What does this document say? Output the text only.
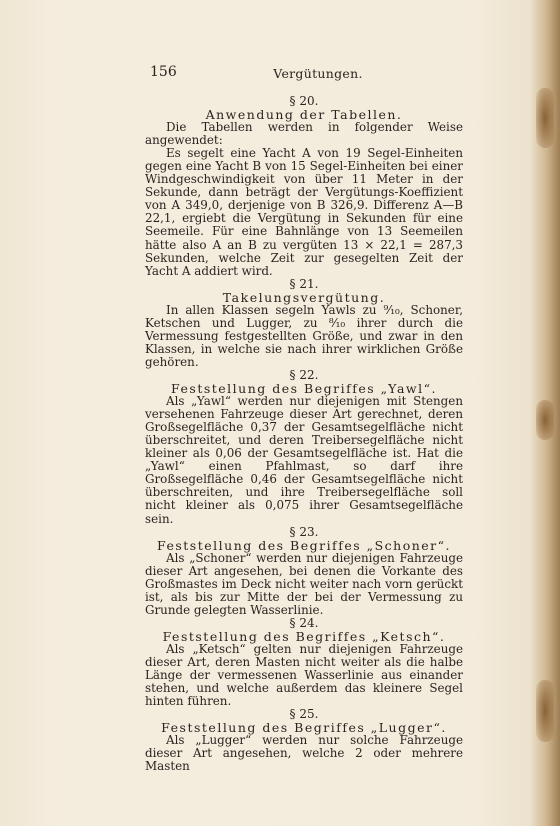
156	Vergütungen.

§ 20.

Anwendung der Tabellen.

Die Tabellen werden in folgender Weise angewendet:

Es segelt eine Yacht A von 19 Segel-Einheiten gegen eine Yacht B von 15 Segel-Einheiten bei einer Windgeschwindigkeit von über 11 Meter in der Sekunde, dann beträgt der Vergütungs-Koeffizient von A 349,0, derjenige von B 326,9. Differenz A—B 22,1, ergiebt die Vergütung in Sekunden für eine Seemeile. Für eine Bahnlänge von 13 Seemeilen hätte also A an B zu vergüten 13 × 22,1 = 287,3 Sekunden, welche Zeit zur gesegelten Zeit der Yacht A addiert wird.

§ 21.

Takelungsvergütung.

In allen Klassen segeln Yawls zu ⁹⁄₁₀, Schoner, Ketschen und Lugger, zu ⁸⁄₁₀ ihrer durch die Vermessung festgestellten Größe, und zwar in den Klassen, in welche sie nach ihrer wirklichen Größe gehören.

§ 22.

Feststellung des Begriffes „Yawl“.

Als „Yawl“ werden nur diejenigen mit Stengen versehenen Fahrzeuge dieser Art gerechnet, deren Großsegelfläche 0,37 der Gesamtsegelfläche nicht überschreitet, und deren Treibersegelfläche nicht kleiner als 0,06 der Gesamtsegelfläche ist. Hat die „Yawl“ einen Pfahlmast, so darf ihre Großsegelfläche 0,46 der Gesamtsegelfläche nicht überschreiten, und ihre Treibersegelfläche soll nicht kleiner als 0,075 ihrer Gesamtsegelfläche sein.

§ 23.

Feststellung des Begriffes „Schoner“.

Als „Schoner“ werden nur diejenigen Fahrzeuge dieser Art angesehen, bei denen die Vorkante des Großmastes im Deck nicht weiter nach vorn gerückt ist, als bis zur Mitte der bei der Vermessung zu Grunde gelegten Wasserlinie.

§ 24.

Feststellung des Begriffes „Ketsch“.

Als „Ketsch“ gelten nur diejenigen Fahrzeuge dieser Art, deren Masten nicht weiter als die halbe Länge der vermessenen Wasserlinie aus einander stehen, und welche außerdem das kleinere Segel hinten führen.

§ 25.

Feststellung des Begriffes „Lugger“.

Als „Lugger“ werden nur solche Fahrzeuge dieser Art angesehen, welche 2 oder mehrere Masten
